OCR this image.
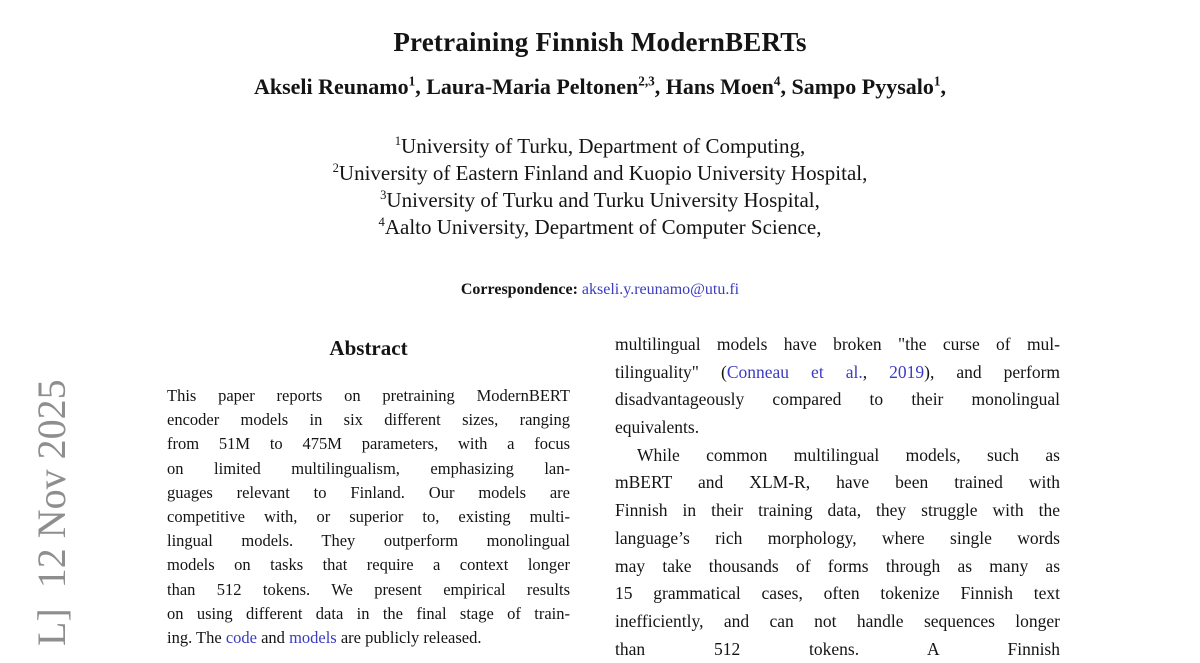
L]  12 Nov 2025
Pretraining Finnish ModernBERTs
Akseli Reunamo$^1$, Laura-Maria Peltonen$^{2,3}$, Hans Moen$^4$, Sampo Pyysalo$^1$,
$^1$University of Turku, Department of Computing,
$^2$University of Eastern Finland and Kuopio University Hospital,
$^3$University of Turku and Turku University Hospital,
$^4$Aalto University, Department of Computer Science,
Correspondence: akseli.y.reunamo@utu.fi
Abstract
This paper reports on pretraining ModernBERT
encoder models in six different sizes, ranging
from 51M to 475M parameters, with a focus
on limited multilingualism, emphasizing lan-
guages relevant to Finland. Our models are
competitive with, or superior to, existing multi-
lingual models. They outperform monolingual
models on tasks that require a context longer
than 512 tokens. We present empirical results
on using different data in the final stage of train-
ing. The code and models are publicly released.
multilingual models have broken "the curse of mul-
tilinguality" (Conneau et al., 2019), and perform
disadvantageously compared to their monolingual
equivalents.
While common multilingual models, such as
mBERT and XLM-R, have been trained with
Finnish in their training data, they struggle with the
language’s rich morphology, where single words
may take thousands of forms through as many as
15 grammatical cases, often tokenize Finnish text
inefficiently, and can not handle sequences longer
than 512 tokens. A Finnish
